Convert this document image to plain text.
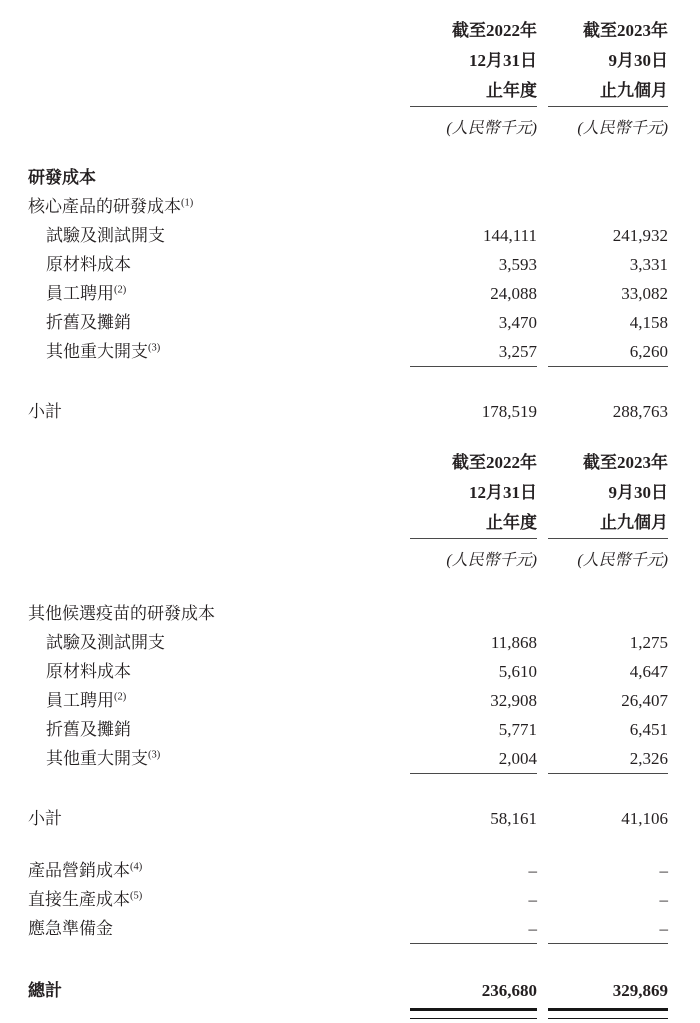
截至2022年	截至2023年
12月31日	9月30日
止年度	止九個月
(人民幣千元)	(人民幣千元)
研發成本
核心產品的研發成本$^{(1)}$
試驗及測試開支	144,111	241,932
原材料成本	3,593	3,331
員工聘用$^{(2)}$	24,088	33,082
折舊及攤銷	3,470	4,158
其他重大開支$^{(3)}$	3,257	6,260
小計	178,519	288,763
截至2022年	截至2023年
12月31日	9月30日
止年度	止九個月
(人民幣千元)	(人民幣千元)
其他候選疫苗的研發成本
試驗及測試開支	11,868	1,275
原材料成本	5,610	4,647
員工聘用$^{(2)}$	32,908	26,407
折舊及攤銷	5,771	6,451
其他重大開支$^{(3)}$	2,004	2,326
小計	58,161	41,106
產品營銷成本$^{(4)}$	–	–
直接生產成本$^{(5)}$	–	–
應急準備金	–	–
總計	236,680	329,869
